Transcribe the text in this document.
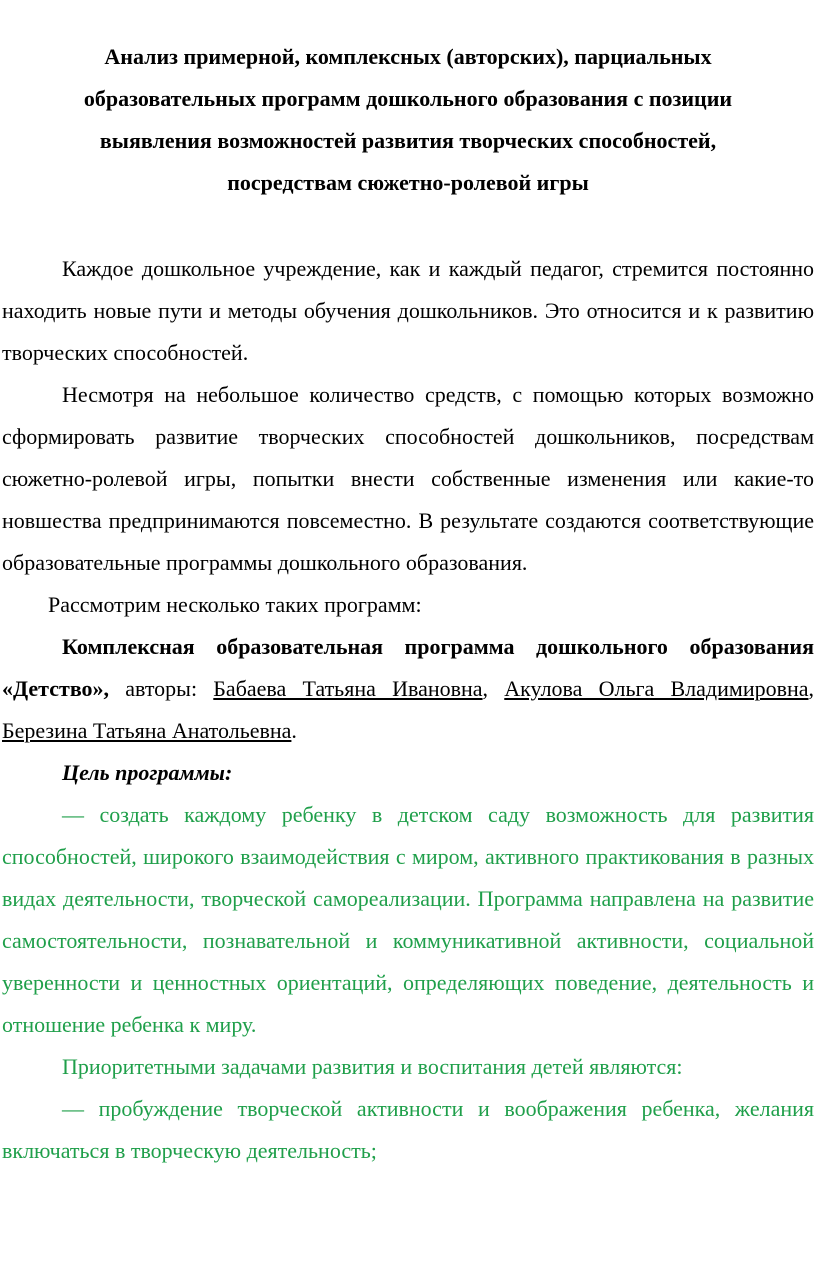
Анализ примерной, комплексных (авторских), парциальных
образовательных программ дошкольного образования с позиции
выявления возможностей развития творческих способностей,
посредствам сюжетно-ролевой игры

Каждое дошкольное учреждение, как и каждый педагог, стремится постоянно находить новые пути и методы обучения дошкольников. Это относится и к развитию творческих способностей.

Несмотря на небольшое количество средств, с помощью которых возможно сформировать развитие творческих способностей дошкольников, посредствам сюжетно-ролевой игры, попытки внести собственные изменения или какие-то новшества предпринимаются повсеместно. В результате создаются соответствующие образовательные программы дошкольного образования.

Рассмотрим несколько таких программ:

Комплексная образовательная программа дошкольного образования «Детство», авторы: Бабаева Татьяна Ивановна, Акулова Ольга Владимировна, Березина Татьяна Анатольевна.

Цель программы:

— создать каждому ребенку в детском саду возможность для развития способностей, широкого взаимодействия с миром, активного практикования в разных видах деятельности, творческой самореализации. Программа направлена на развитие самостоятельности, познавательной и коммуникативной активности, социальной уверенности и ценностных ориентаций, определяющих поведение, деятельность и отношение ребенка к миру.

Приоритетными задачами развития и воспитания детей являются:

— пробуждение творческой активности и воображения ребенка, желания включаться в творческую деятельность;
